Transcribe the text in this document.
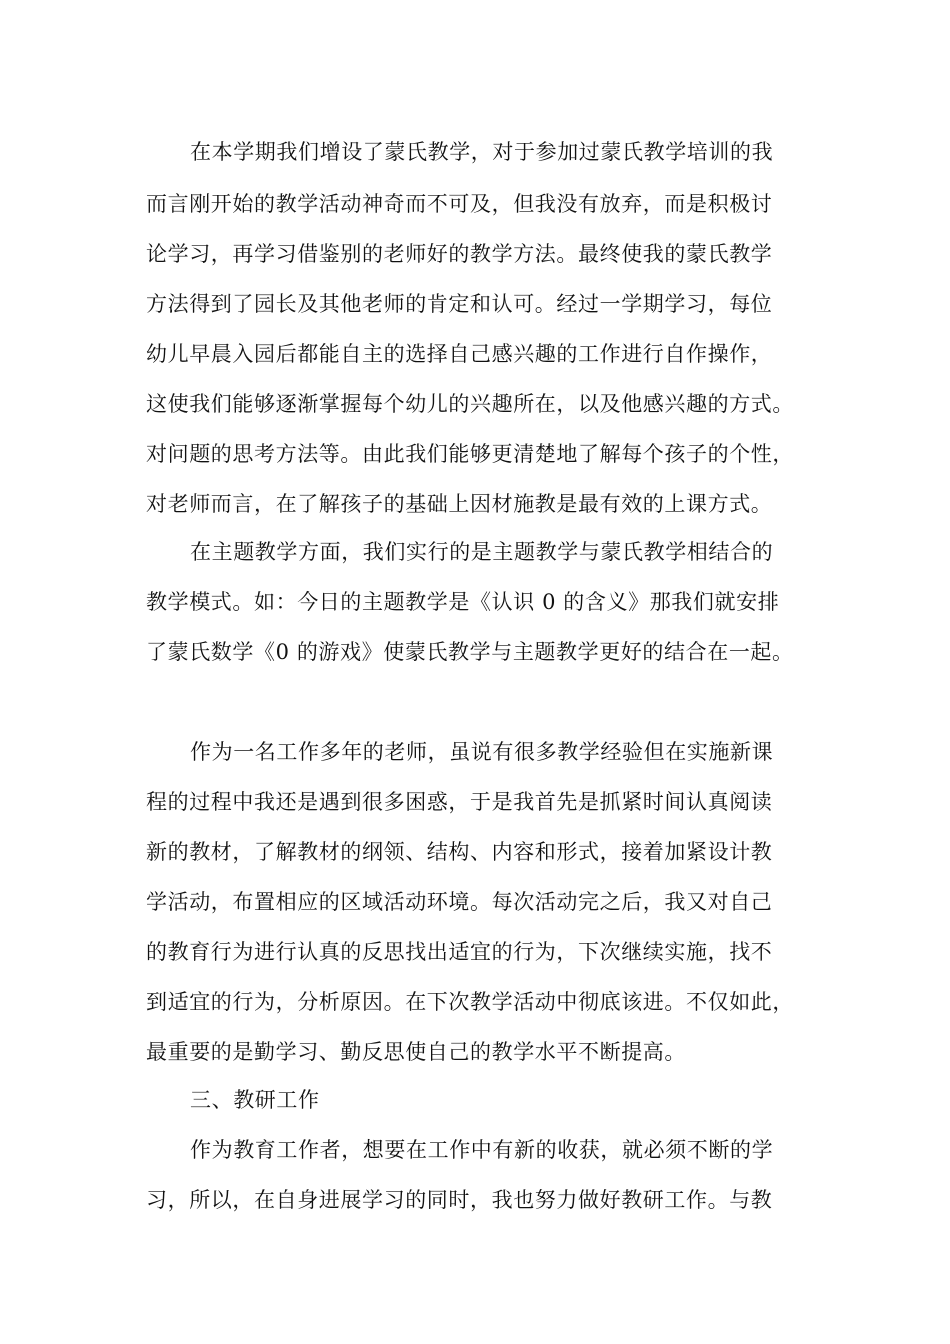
在本学期我们增设了蒙氏教学，对于参加过蒙氏教学培训的我
而言刚开始的教学活动神奇而不可及，但我没有放弃，而是积极讨
论学习，再学习借鉴别的老师好的教学方法。最终使我的蒙氏教学
方法得到了园长及其他老师的肯定和认可。经过一学期学习，每位
幼儿早晨入园后都能自主的选择自己感兴趣的工作进行自作操作，
这使我们能够逐渐掌握每个幼儿的兴趣所在，以及他感兴趣的方式。
对问题的思考方法等。由此我们能够更清楚地了解每个孩子的个性，
对老师而言，在了解孩子的基础上因材施教是最有效的上课方式。
在主题教学方面，我们实行的是主题教学与蒙氏教学相结合的
教学模式。如：今日的主题教学是《认识 0 的含义》那我们就安排
了蒙氏数学《0 的游戏》使蒙氏教学与主题教学更好的结合在一起。
作为一名工作多年的老师，虽说有很多教学经验但在实施新课
程的过程中我还是遇到很多困惑，于是我首先是抓紧时间认真阅读
新的教材，了解教材的纲领、结构、内容和形式，接着加紧设计教
学活动，布置相应的区域活动环境。每次活动完之后，我又对自己
的教育行为进行认真的反思找出适宜的行为，下次继续实施，找不
到适宜的行为，分析原因。在下次教学活动中彻底该进。不仅如此，
最重要的是勤学习、勤反思使自己的教学水平不断提高。
三、教研工作
作为教育工作者，想要在工作中有新的收获，就必须不断的学
习，所以，在自身进展学习的同时，我也努力做好教研工作。与教
